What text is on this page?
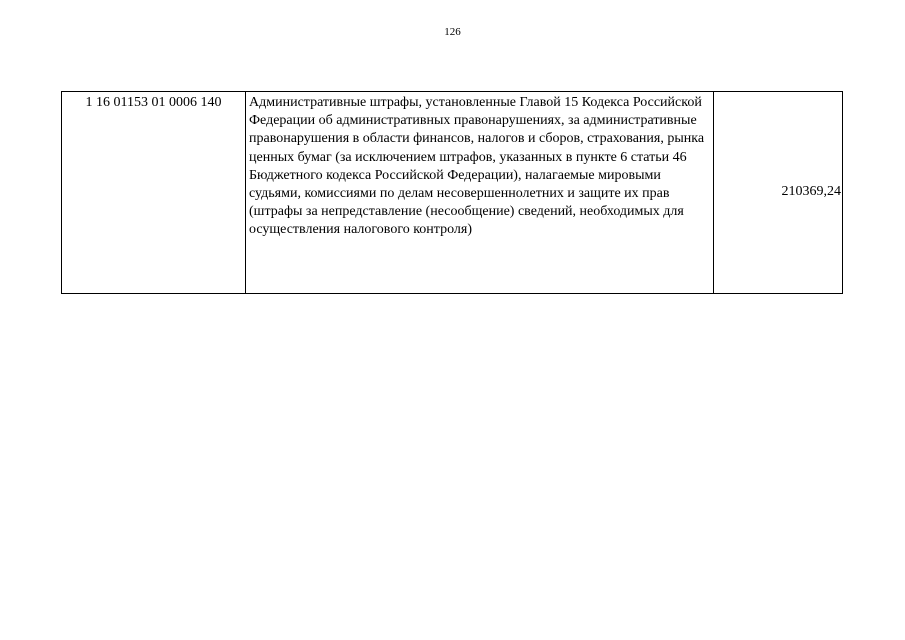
126
1 16 01153 01 0006 140	Административные штрафы, установленные Главой 15 Кодекса Российской Федерации об административных правонарушениях, за административные правонарушения в области финансов, налогов и сборов, страхования, рынка ценных бумаг (за исключением штрафов, указанных в пункте 6 статьи 46 Бюджетного кодекса Российской Федерации), налагаемые мировыми судьями, комиссиями по делам несовершеннолетних и защите их прав (штрафы за непредставление (несообщение) сведений, необходимых для осуществления налогового контроля)	210369,24
